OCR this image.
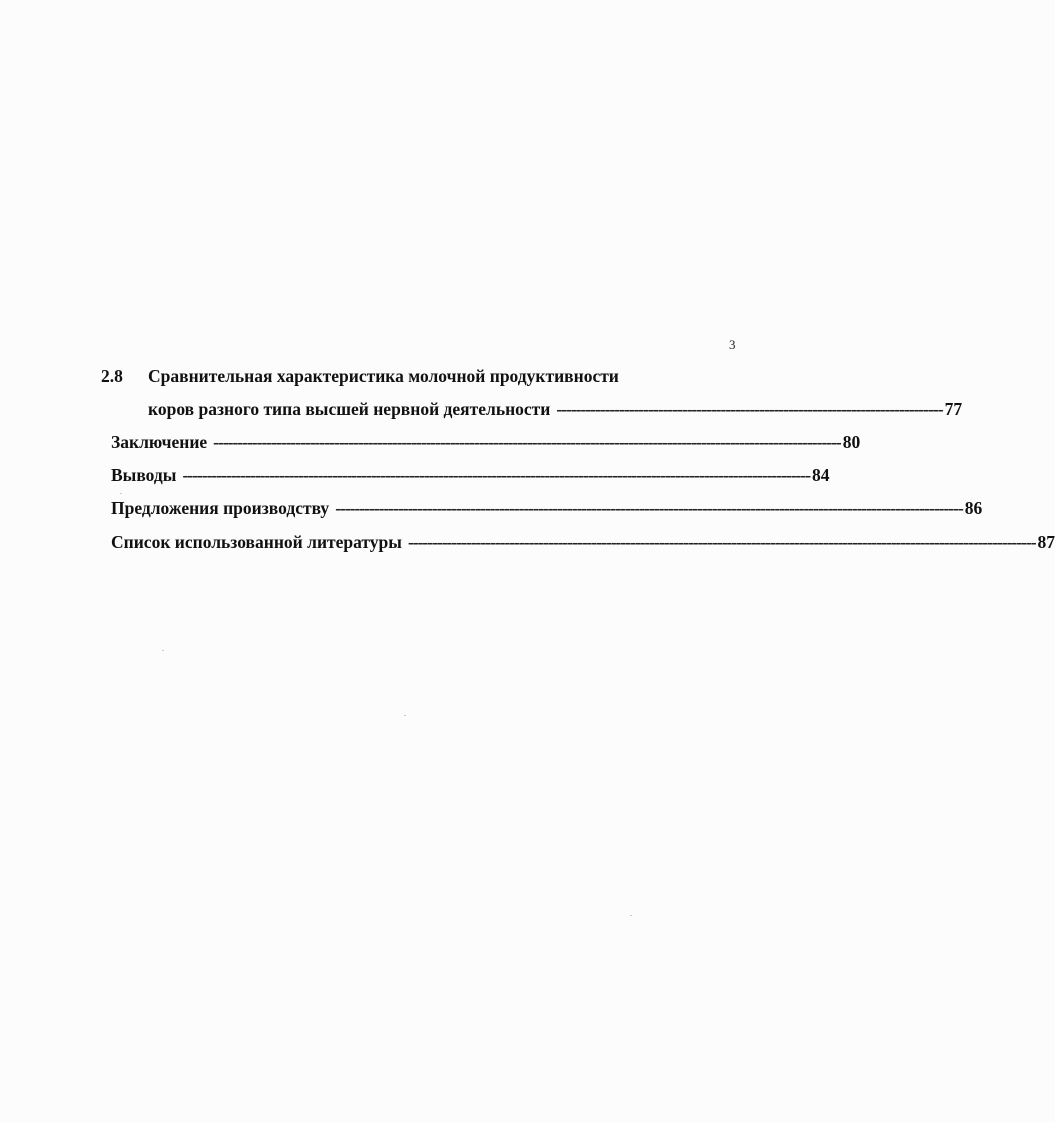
3
2.8 Сравнительная характеристика молочной продуктивности
коров разного типа высшей нервной деятельности -------------------------------------------------------------------------------- 77
Заключение ---------------------------------------------------------------------------------------------------------------------------------- 80
Выводы ---------------------------------------------------------------------------------------------------------------------------------- 84
Предложения производству ---------------------------------------------------------------------------------------------------------------------------------- 86
Список использованной литературы ---------------------------------------------------------------------------------------------------------------------------------- 87
